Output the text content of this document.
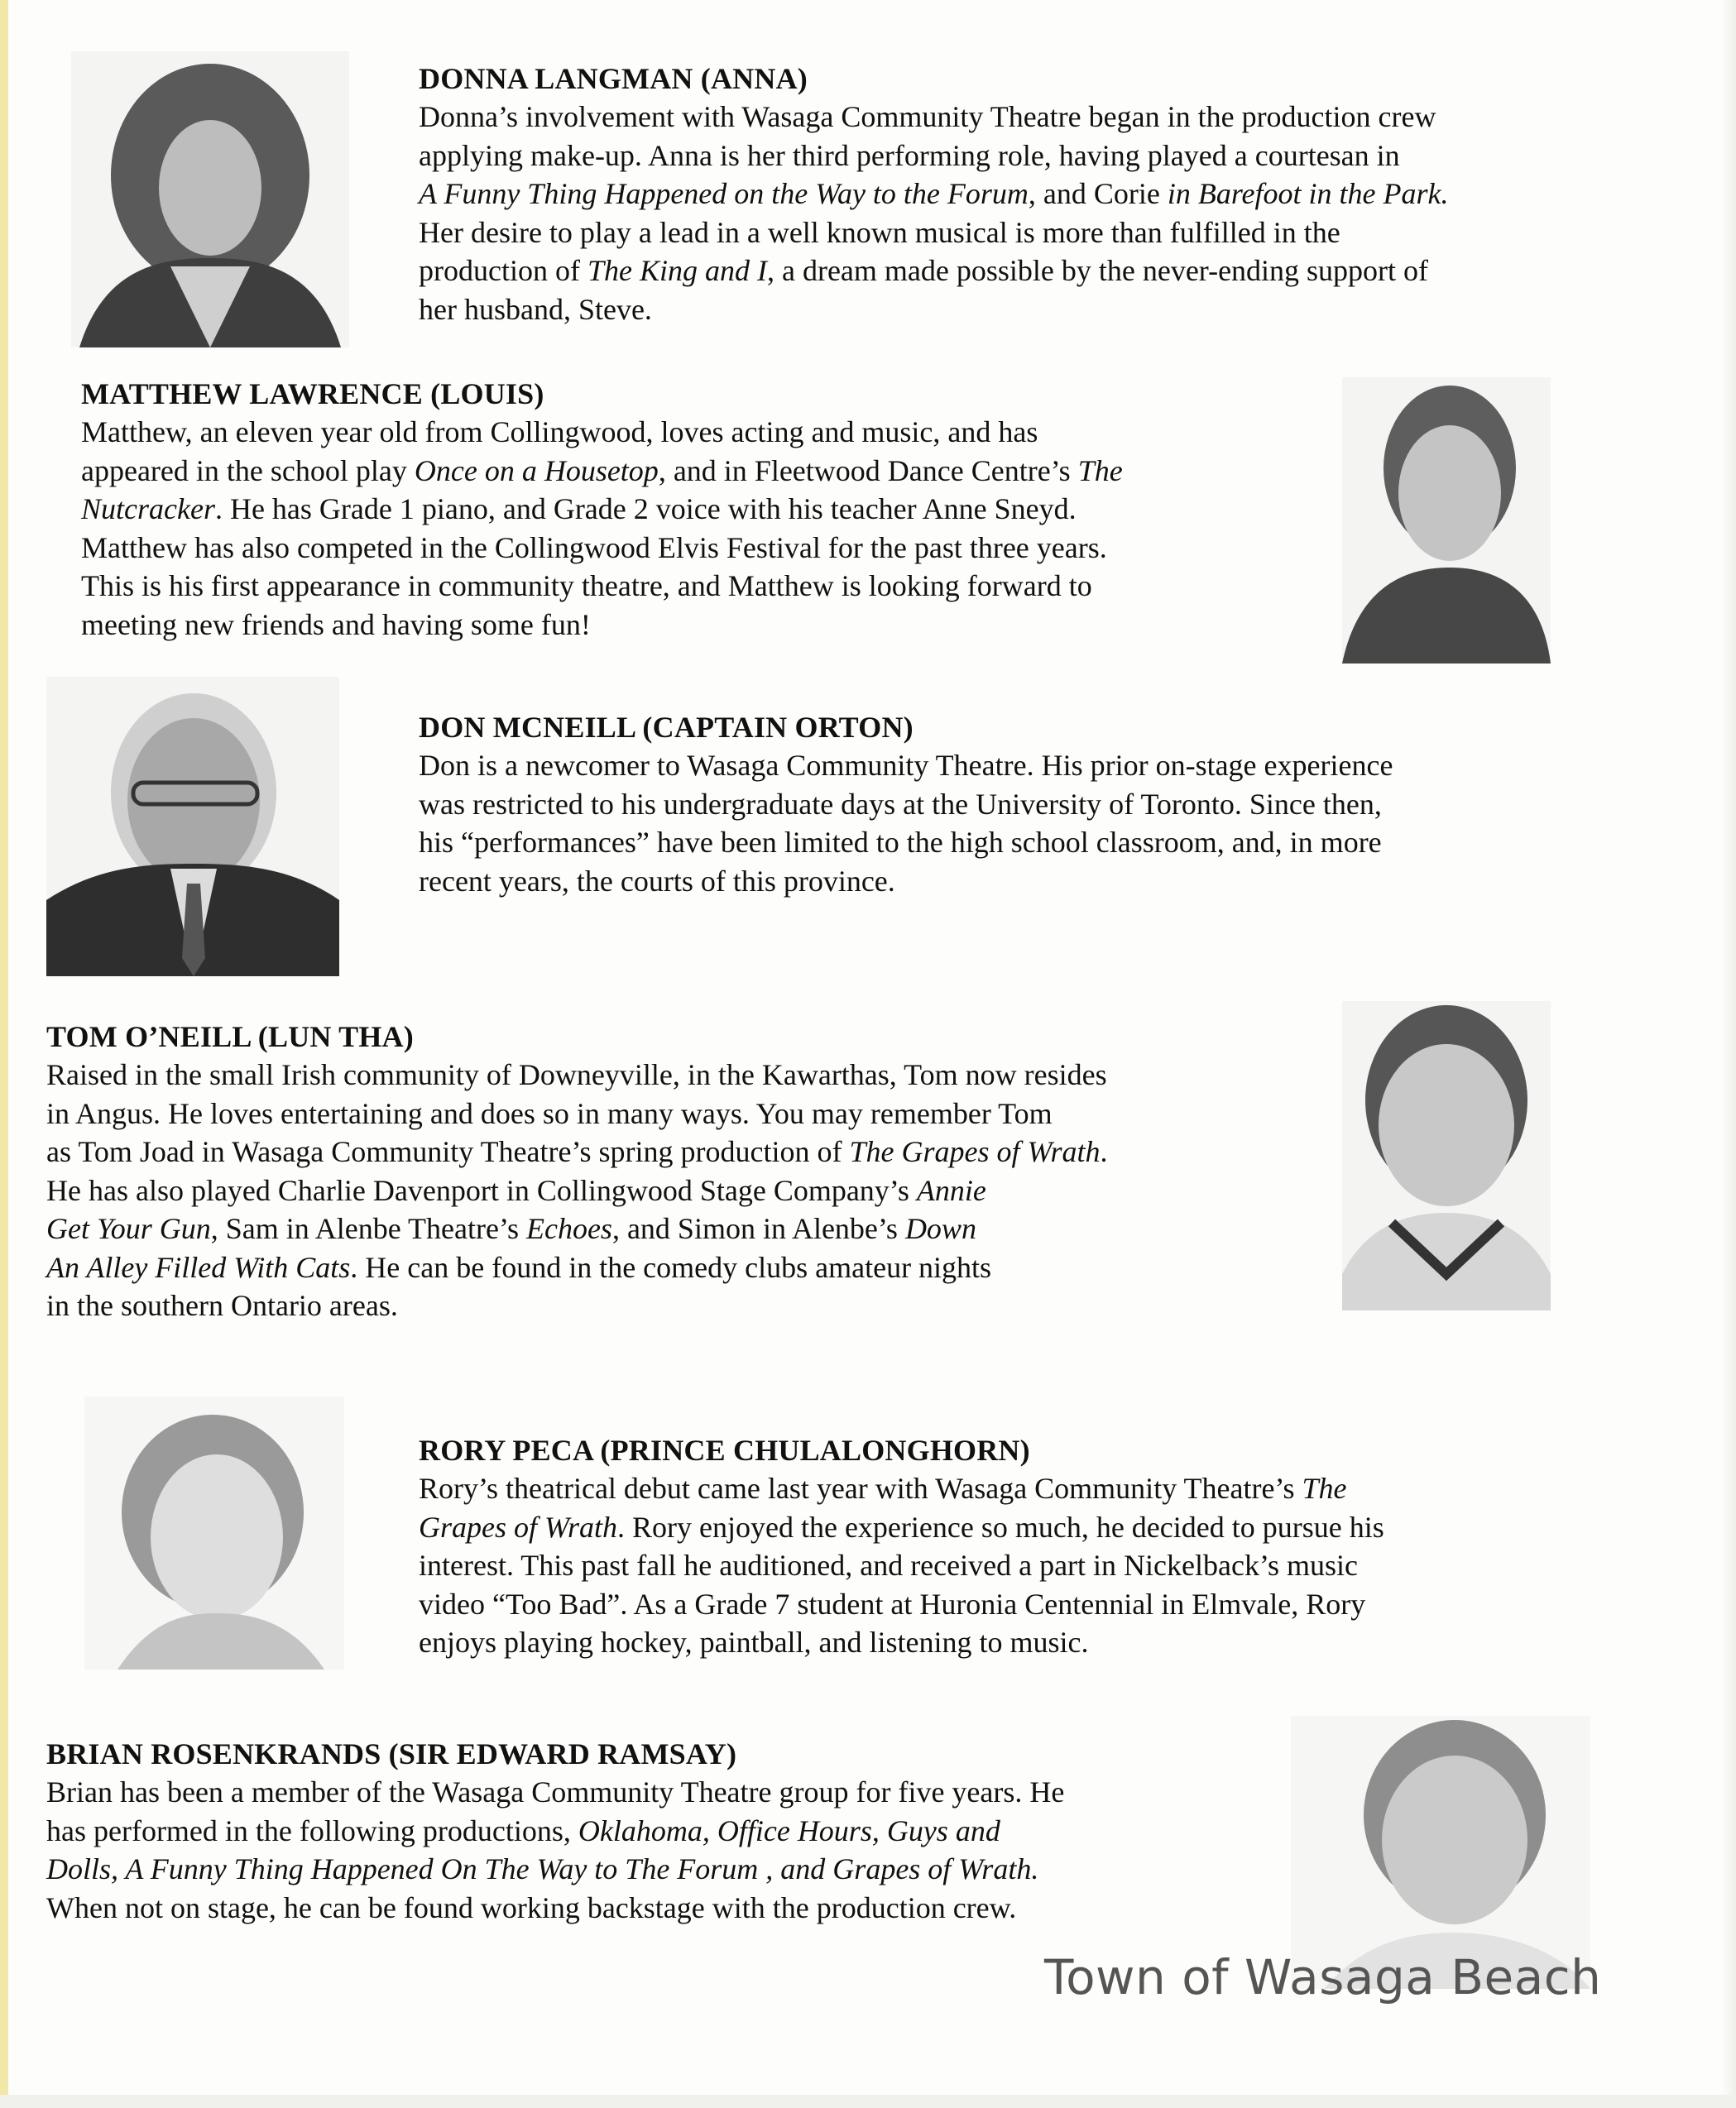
DONNA LANGMAN (ANNA)
Donna’s involvement with Wasaga Community Theatre began in the production crew
applying make-up. Anna is her third performing role, having played a courtesan in
A Funny Thing Happened on the Way to the Forum, and Corie in Barefoot in the Park.
Her desire to play a lead in a well known musical is more than fulfilled in the
production of The King and I, a dream made possible by the never-ending support of
her husband, Steve.
MATTHEW LAWRENCE (LOUIS)
Matthew, an eleven year old from Collingwood, loves acting and music, and has
appeared in the school play Once on a Housetop, and in Fleetwood Dance Centre’s The
Nutcracker. He has Grade 1 piano, and Grade 2 voice with his teacher Anne Sneyd.
Matthew has also competed in the Collingwood Elvis Festival for the past three years.
This is his first appearance in community theatre, and Matthew is looking forward to
meeting new friends and having some fun!
DON MCNEILL (CAPTAIN ORTON)
Don is a newcomer to Wasaga Community Theatre. His prior on-stage experience
was restricted to his undergraduate days at the University of Toronto. Since then,
his “performances” have been limited to the high school classroom, and, in more
recent years, the courts of this province.
TOM O’NEILL (LUN THA)
Raised in the small Irish community of Downeyville, in the Kawarthas, Tom now resides
in Angus. He loves entertaining and does so in many ways. You may remember Tom
as Tom Joad in Wasaga Community Theatre’s spring production of The Grapes of Wrath.
He has also played Charlie Davenport in Collingwood Stage Company’s Annie
Get Your Gun, Sam in Alenbe Theatre’s Echoes, and Simon in Alenbe’s Down
An Alley Filled With Cats. He can be found in the comedy clubs amateur nights
in the southern Ontario areas.
RORY PECA (PRINCE CHULALONGHORN)
Rory’s theatrical debut came last year with Wasaga Community Theatre’s The
Grapes of Wrath. Rory enjoyed the experience so much, he decided to pursue his
interest. This past fall he auditioned, and received a part in Nickelback’s music
video “Too Bad”. As a Grade 7 student at Huronia Centennial in Elmvale, Rory
enjoys playing hockey, paintball, and listening to music.
BRIAN ROSENKRANDS (SIR EDWARD RAMSAY)
Brian has been a member of the Wasaga Community Theatre group for five years. He
has performed in the following productions, Oklahoma, Office Hours, Guys and
Dolls, A Funny Thing Happened On The Way to The Forum , and Grapes of Wrath.
When not on stage, he can be found working backstage with the production crew.
Town of Wasaga Beach
